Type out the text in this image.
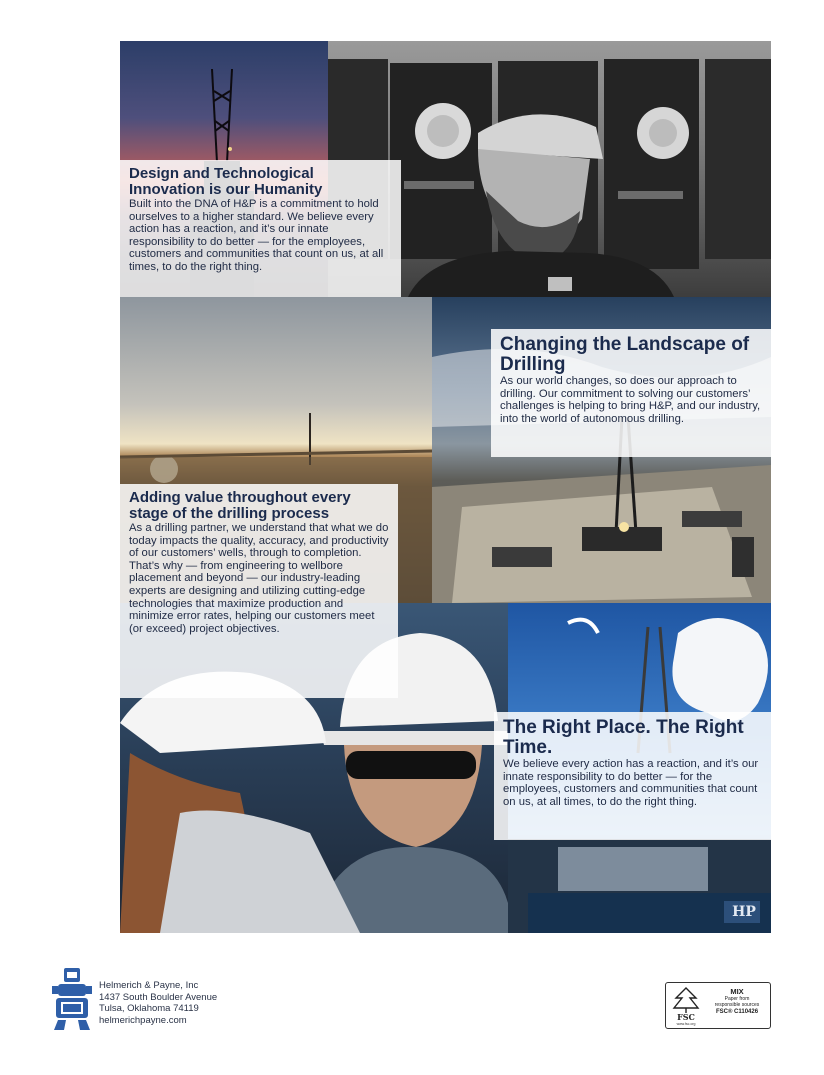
HP
Design and Technological Innovation is our Humanity

Built into the DNA of H&P is a commitment to hold ourselves to a higher standard. We believe every action has a reaction, and it’s our innate responsibility to do better — for the employees, customers and communities that count on us, at all times, to do the right thing.

Changing the Landscape of Drilling

As our world changes, so does our approach to drilling. Our commitment to solving our customers’ challenges is helping to bring H&P, and our industry, into the world of autonomous drilling.

Adding value throughout every stage of the drilling process

As a drilling partner, we understand that what we do today impacts the quality, accuracy, and productivity of our customers’ wells, through to completion. That’s why — from engineering to wellbore placement and beyond — our industry-leading experts are designing and utilizing cutting-edge technologies that maximize production and minimize error rates, helping our customers meet (or exceed) project objectives.

The Right Place. The Right Time.

We believe every action has a reaction, and it’s our innate responsibility to do better — for the employees, customers and communities that count on us, at all times, to do the right thing.

Helmerich & Payne, Inc
1437 South Boulder Avenue
Tulsa, Oklahoma 74119
helmerichpayne.com	FSC
www.fsc.org
MIX
Paper from
responsible sources
FSC® C110426
